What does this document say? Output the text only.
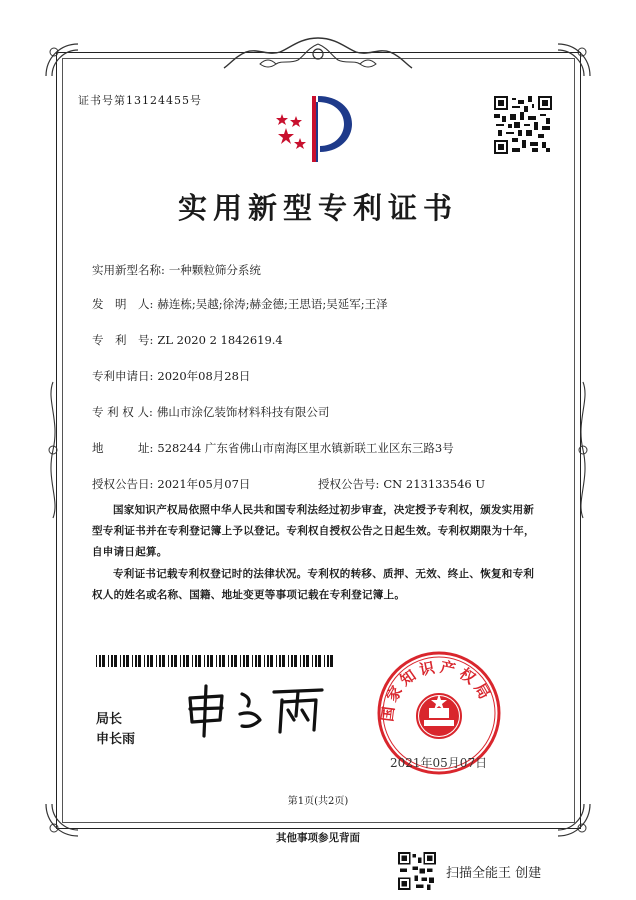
证书号第13124455号
实用新型专利证书
实用新型名称: 一种颗粒筛分系统
发　明　人: 赫连栋;吴越;徐涛;赫金德;王思语;吴延军;王泽
专　利　号: ZL 2020 2 1842619.4
专利申请日: 2020年08月28日
专 利 权 人: 佛山市涂亿装饰材料科技有限公司
地　　　址: 528244 广东省佛山市南海区里水镇新联工业区东三路3号
授权公告日: 2021年05月07日	授权公告号: CN 213133546 U
国家知识产权局依照中华人民共和国专利法经过初步审查，决定授予专利权，颁发实用新型专利证书并在专利登记簿上予以登记。专利权自授权公告之日起生效。专利权期限为十年，自申请日起算。
专利证书记载专利权登记时的法律状况。专利权的转移、质押、无效、终止、恢复和专利权人的姓名或名称、国籍、地址变更等事项记载在专利登记簿上。
局长
申长雨
国家知识产权局
2021年05月07日
第1页(共2页)
其他事项参见背面
扫描全能王 创建
